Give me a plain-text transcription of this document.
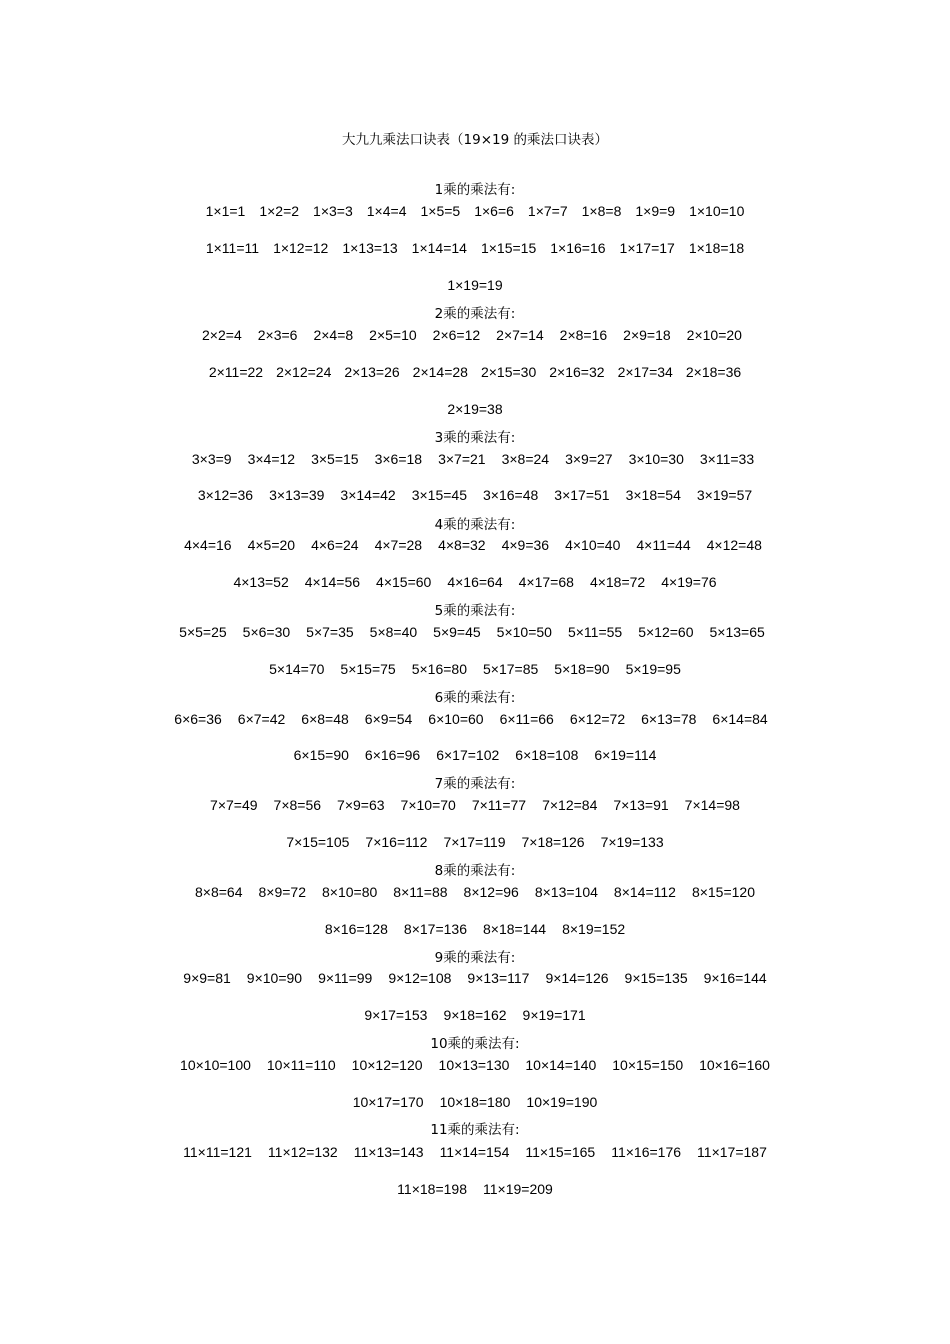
大九九乘法口诀表（19×19 的乘法口诀表）
1乘的乘法有:
1×1=1 1×2=2 1×3=3 1×4=4 1×5=5 1×6=6 1×7=7 1×8=8 1×9=9 1×10=10
1×11=11 1×12=12 1×13=13 1×14=14 1×15=15 1×16=16 1×17=17 1×18=18
1×19=19
2乘的乘法有:
2×2=4 2×3=6 2×4=8 2×5=10 2×6=12 2×7=14 2×8=16 2×9=18 2×10=20
2×11=22 2×12=24 2×13=26 2×14=28 2×15=30 2×16=32 2×17=34 2×18=36
2×19=38
3乘的乘法有:
3×3=9 3×4=12 3×5=15 3×6=18 3×7=21 3×8=24 3×9=27 3×10=30 3×11=33
3×12=36 3×13=39 3×14=42 3×15=45 3×16=48 3×17=51 3×18=54 3×19=57
4乘的乘法有:
4×4=16 4×5=20 4×6=24 4×7=28 4×8=32 4×9=36 4×10=40 4×11=44 4×12=48
4×13=52 4×14=56 4×15=60 4×16=64 4×17=68 4×18=72 4×19=76
5乘的乘法有:
5×5=25 5×6=30 5×7=35 5×8=40 5×9=45 5×10=50 5×11=55 5×12=60 5×13=65
5×14=70 5×15=75 5×16=80 5×17=85 5×18=90 5×19=95
6乘的乘法有:
6×6=36 6×7=42 6×8=48 6×9=54 6×10=60 6×11=66 6×12=72 6×13=78 6×14=84
6×15=90 6×16=96 6×17=102 6×18=108 6×19=114
7乘的乘法有:
7×7=49 7×8=56 7×9=63 7×10=70 7×11=77 7×12=84 7×13=91 7×14=98
7×15=105 7×16=112 7×17=119 7×18=126 7×19=133
8乘的乘法有:
8×8=64 8×9=72 8×10=80 8×11=88 8×12=96 8×13=104 8×14=112 8×15=120
8×16=128 8×17=136 8×18=144 8×19=152
9乘的乘法有:
9×9=81 9×10=90 9×11=99 9×12=108 9×13=117 9×14=126 9×15=135 9×16=144
9×17=153 9×18=162 9×19=171
10乘的乘法有:
10×10=100 10×11=110 10×12=120 10×13=130 10×14=140 10×15=150 10×16=160
10×17=170 10×18=180 10×19=190
11乘的乘法有:
11×11=121 11×12=132 11×13=143 11×14=154 11×15=165 11×16=176 11×17=187
11×18=198 11×19=209
